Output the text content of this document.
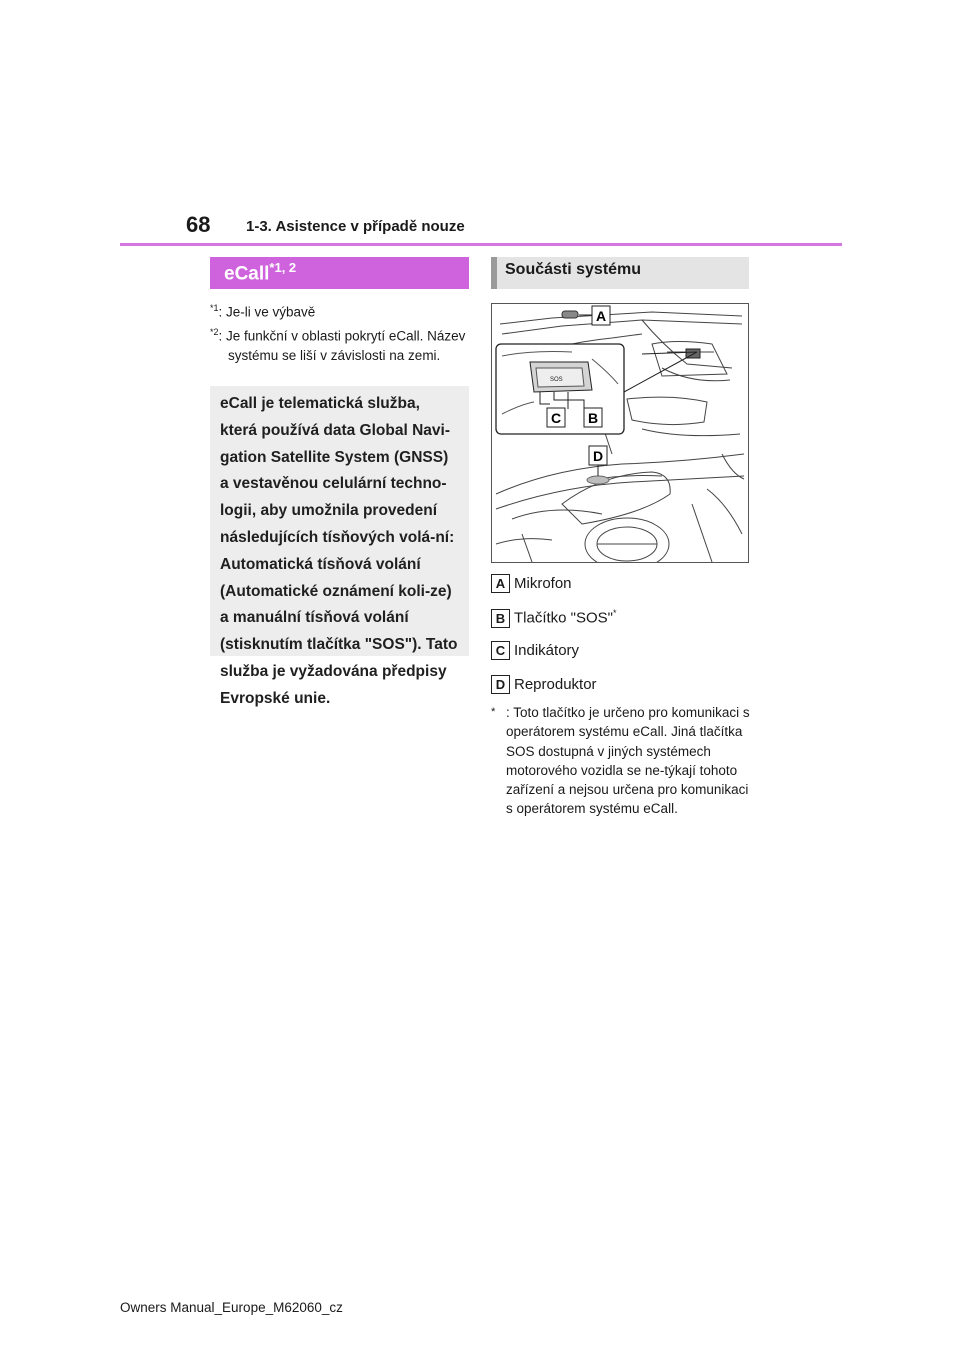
68 1-3. Asistence v případě nouze
eCall$^{*1, 2}$
$^{*1}$: Je-li ve výbavě
$^{*2}$: Je funkční v oblasti pokrytí eCall. Název systému se liší v závislosti na zemi.
eCall je telematická služba, která používá data Global Navi-gation Satellite System (GNSS) a vestavěnou celulární techno-logii, aby umožnila provedení následujících tísňových volá-ní: Automatická tísňová volání (Automatické oznámení koli-ze) a manuální tísňová volání (stisknutím tlačítka "SOS"). Tato služba je vyžadována předpisy Evropské unie.
Součásti systému
SOS
A
B
C
D
A Mikrofon
B Tlačítko "SOS"*
C Indikátory
D Reproduktor
* : Toto tlačítko je určeno pro komunikaci s operátorem systému eCall. Jiná tlačítka SOS dostupná v jiných systémech motorového vozidla se ne-týkají tohoto zařízení a nejsou určena pro komunikaci s operátorem systému eCall.
Owners Manual_Europe_M62060_cz
